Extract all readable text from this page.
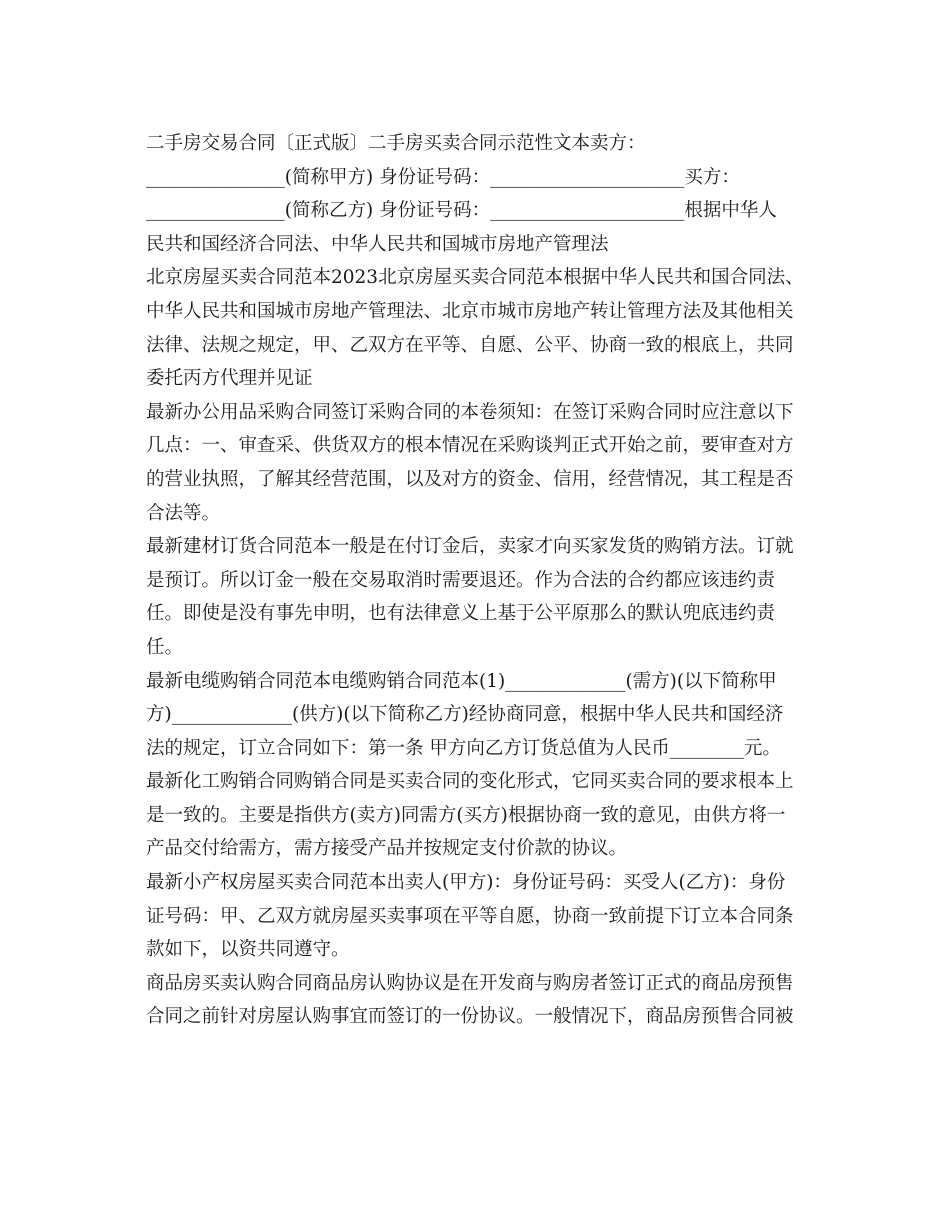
二手房交易合同〔正式版〕二手房买卖合同示范性文本卖方：
_______________(简称甲方) 身份证号码：_____________________买方：
_______________(简称乙方) 身份证号码：_____________________根据中华人
民共和国经济合同法、中华人民共和国城市房地产管理法
北京房屋买卖合同范本2023北京房屋买卖合同范本根据中华人民共和国合同法、
中华人民共和国城市房地产管理法、北京市城市房地产转让管理方法及其他相关
法律、法规之规定，甲、乙双方在平等、自愿、公平、协商一致的根底上，共同
委托丙方代理并见证
最新办公用品采购合同签订采购合同的本卷须知：在签订采购合同时应注意以下
几点：一、审查采、供货双方的根本情况在采购谈判正式开始之前，要审查对方
的营业执照，了解其经营范围，以及对方的资金、信用，经营情况，其工程是否
合法等。
最新建材订货合同范本一般是在付订金后，卖家才向买家发货的购销方法。订就
是预订。所以订金一般在交易取消时需要退还。作为合法的合约都应该违约责
任。即使是没有事先申明，也有法律意义上基于公平原那么的默认兜底违约责
任。
最新电缆购销合同范本电缆购销合同范本(1)_____________(需方)(以下简称甲
方)_____________(供方)(以下简称乙方)经协商同意，根据中华人民共和国经济
法的规定，订立合同如下：第一条 甲方向乙方订货总值为人民币________元。
最新化工购销合同购销合同是买卖合同的变化形式，它同买卖合同的要求根本上
是一致的。主要是指供方(卖方)同需方(买方)根据协商一致的意见，由供方将一
产品交付给需方，需方接受产品并按规定支付价款的协议。
最新小产权房屋买卖合同范本出卖人(甲方)：身份证号码：买受人(乙方)：身份
证号码：甲、乙双方就房屋买卖事项在平等自愿，协商一致前提下订立本合同条
款如下，以资共同遵守。
商品房买卖认购合同商品房认购协议是在开发商与购房者签订正式的商品房预售
合同之前针对房屋认购事宜而签订的一份协议。一般情况下，商品房预售合同被
